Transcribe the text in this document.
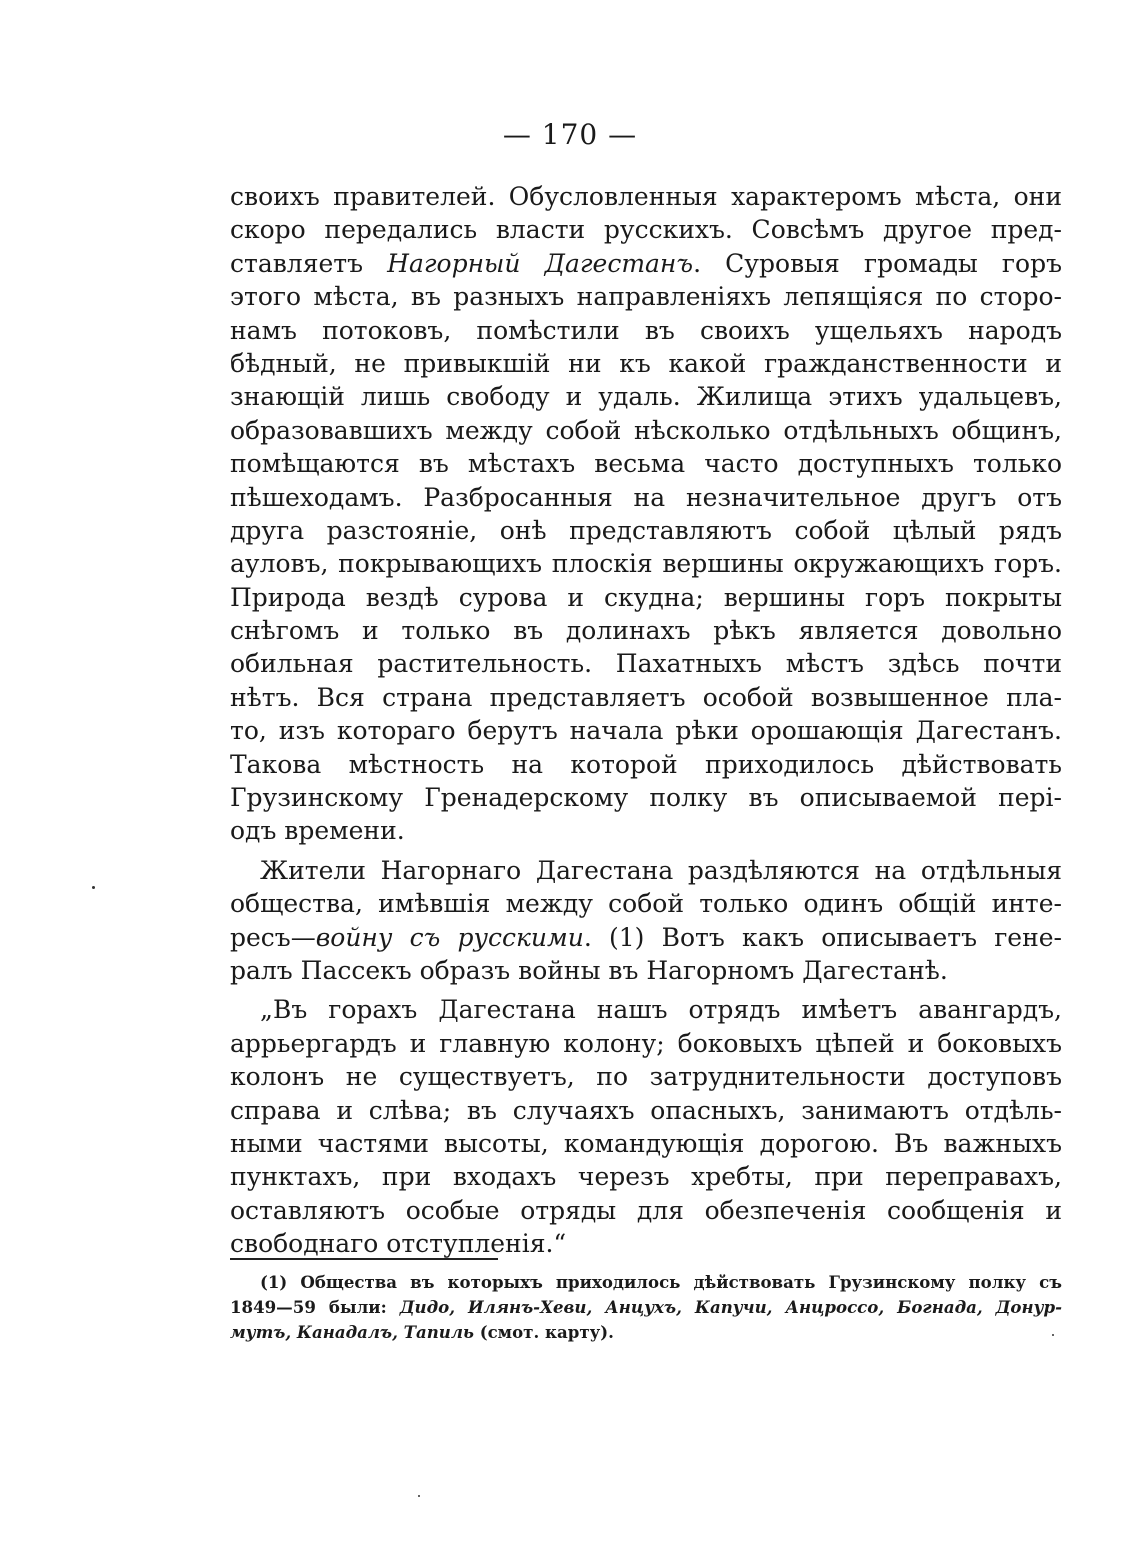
— 170 —
своихъ правителей. Обусловленныя характеромъ мѣста, они
скоро передались власти русскихъ. Совсѣмъ другое пред-
ставляетъ Нагорный Дагестанъ. Суровыя громады горъ
этого мѣста, въ разныхъ направленіяхъ лепящіяся по сторо-
намъ потоковъ, помѣстили въ своихъ ущельяхъ народъ
бѣдный, не привыкшій ни къ какой гражданственности и
знающій лишь свободу и удаль. Жилища этихъ удальцевъ,
образовавшихъ между собой нѣсколько отдѣльныхъ общинъ,
помѣщаются въ мѣстахъ весьма часто доступныхъ только
пѣшеходамъ. Разбросанныя на незначительное другъ отъ
друга разстояніе, онѣ представляютъ собой цѣлый рядъ
ауловъ, покрывающихъ плоскія вершины окружающихъ горъ.
Природа вездѣ сурова и скудна; вершины горъ покрыты
снѣгомъ и только въ долинахъ рѣкъ является довольно
обильная растительность. Пахатныхъ мѣстъ здѣсь почти
нѣтъ. Вся страна представляетъ особой возвышенное пла-
то, изъ котораго берутъ начала рѣки орошающія Дагестанъ.
Такова мѣстность на которой приходилось дѣйствовать
Грузинскому Гренадерскому полку въ описываемой пері-
одъ времени.
Жители Нагорнаго Дагестана раздѣляются на отдѣльныя
общества, имѣвшія между собой только одинъ общій инте-
ресъ—войну съ русскими. (1) Вотъ какъ описываетъ гене-
ралъ Пассекъ образъ войны въ Нагорномъ Дагестанѣ.
„Въ горахъ Дагестана нашъ отрядъ имѣетъ авангардъ,
аррьергардъ и главную колону; боковыхъ цѣпей и боковыхъ
колонъ не существуетъ, по затруднительности доступовъ
справа и слѣва; въ случаяхъ опасныхъ, занимаютъ отдѣль-
ными частями высоты, командующія дорогою. Въ важныхъ
пунктахъ, при входахъ черезъ хребты, при переправахъ,
оставляютъ особые отряды для обезпеченія сообщенія и
свободнаго отступленія.“
(1) Общества въ которыхъ приходилось дѣйствовать Грузинскому полку съ
1849—59 были: Дидо, Илянъ-Хеви, Анцухъ, Капучи, Анцроссо, Богнада, Донур-
мутъ, Канадалъ, Тапиль (смот. карту).
